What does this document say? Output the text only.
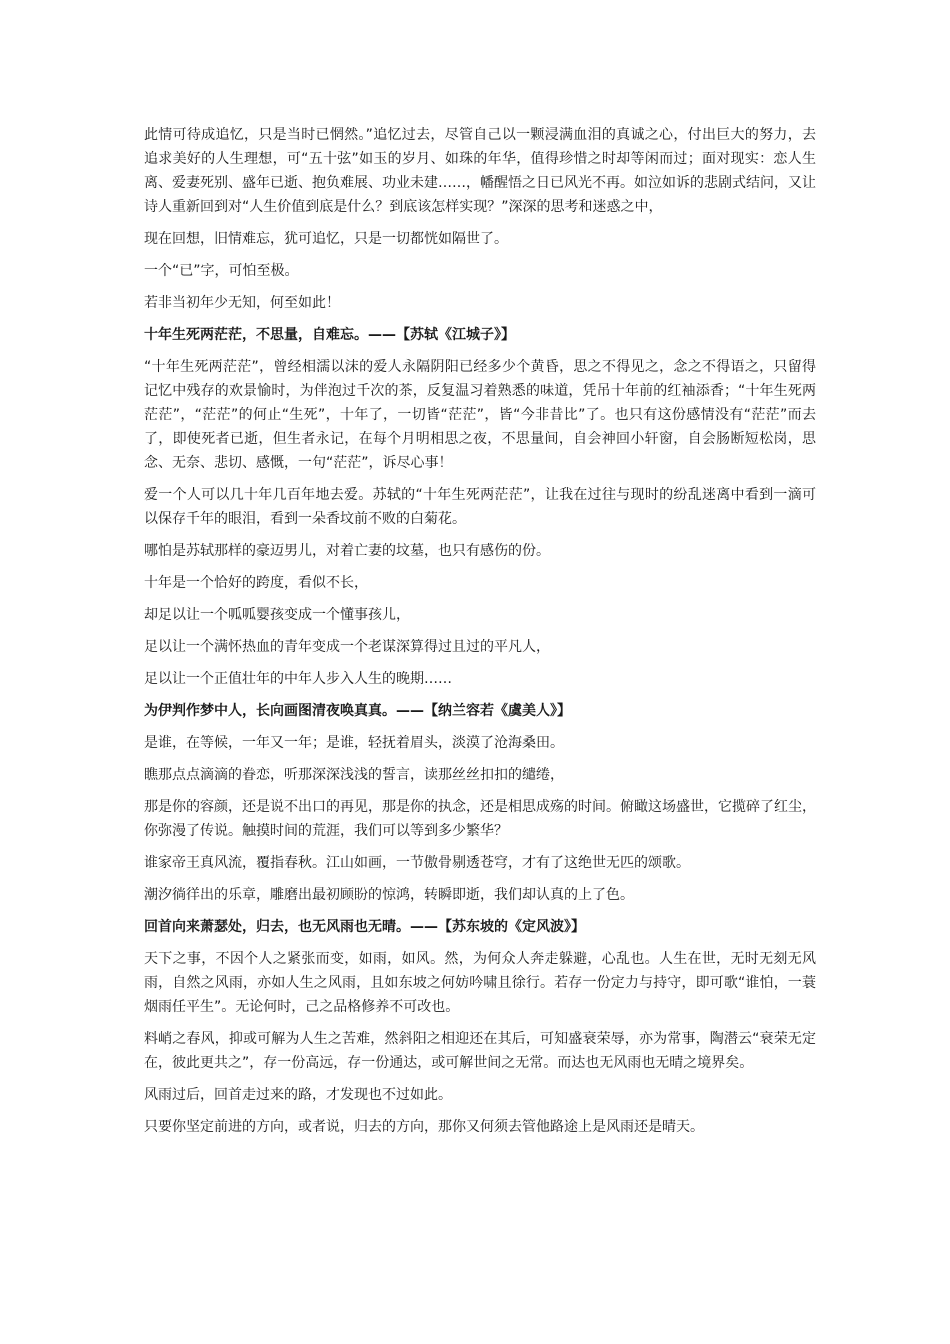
此情可待成追忆，只是当时已惘然。”追忆过去，尽管自己以一颗浸满血泪的真诚之心，付出巨大的努力，去追求美好的人生理想，可“五十弦”如玉的岁月、如珠的年华，值得珍惜之时却等闲而过；面对现实：恋人生离、爱妻死别、盛年已逝、抱负难展、功业未建……，幡醒悟之日已风光不再。如泣如诉的悲剧式结问，又让诗人重新回到对“人生价值到底是什么？到底该怎样实现？”深深的思考和迷惑之中，

现在回想，旧情难忘，犹可追忆，只是一切都恍如隔世了。

一个“已”字，可怕至极。

若非当初年少无知，何至如此！

十年生死两茫茫，不思量，自难忘。——【苏轼《江城子》】

“十年生死两茫茫”，曾经相濡以沫的爱人永隔阴阳已经多少个黄昏，思之不得见之，念之不得语之，只留得记忆中残存的欢景愉时，为伴泡过千次的茶，反复温习着熟悉的味道，凭吊十年前的红袖添香；“十年生死两茫茫”，“茫茫”的何止“生死”，十年了，一切皆“茫茫”，皆“今非昔比”了。也只有这份感情没有“茫茫”而去了，即使死者已逝，但生者永记，在每个月明相思之夜，不思量间，自会神回小轩窗，自会肠断短松岗，思念、无奈、悲切、感慨，一句“茫茫”，诉尽心事！

爱一个人可以几十年几百年地去爱。苏轼的“十年生死两茫茫”，让我在过往与现时的纷乱迷离中看到一滴可以保存千年的眼泪，看到一朵香坟前不败的白菊花。

哪怕是苏轼那样的豪迈男儿，对着亡妻的坟墓，也只有感伤的份。

十年是一个恰好的跨度，看似不长，

却足以让一个呱呱婴孩变成一个懂事孩儿，

足以让一个满怀热血的青年变成一个老谋深算得过且过的平凡人，

足以让一个正值壮年的中年人步入人生的晚期……

为伊判作梦中人，长向画图清夜唤真真。——【纳兰容若《虞美人》】

是谁，在等候，一年又一年；是谁，轻抚着眉头，淡漠了沧海桑田。

瞧那点点滴滴的眷恋，听那深深浅浅的誓言，读那丝丝扣扣的缱绻，

那是你的容颜，还是说不出口的再见，那是你的执念，还是相思成殇的时间。俯瞰这场盛世，它揽碎了红尘，你弥漫了传说。触摸时间的荒涯，我们可以等到多少繁华？

谁家帝王真风流，覆指春秋。江山如画，一节傲骨剔透苍穹，才有了这绝世无匹的颂歌。

潮汐徜徉出的乐章，雕磨出最初顾盼的惊鸿，转瞬即逝，我们却认真的上了色。

回首向来萧瑟处，归去，也无风雨也无晴。——【苏东坡的《定风波》】

天下之事，不因个人之紧张而变，如雨，如风。然，为何众人奔走躲避，心乱也。人生在世，无时无刻无风雨，自然之风雨，亦如人生之风雨，且如东坡之何妨吟啸且徐行。若存一份定力与持守，即可歌“谁怕，一蓑烟雨任平生”。无论何时，己之品格修养不可改也。

料峭之春风，抑或可解为人生之苦难，然斜阳之相迎还在其后，可知盛衰荣辱，亦为常事，陶潜云“衰荣无定在，彼此更共之”，存一份高远，存一份通达，或可解世间之无常。而达也无风雨也无晴之境界矣。

风雨过后，回首走过来的路，才发现也不过如此。

只要你坚定前进的方向，或者说，归去的方向，那你又何须去管他路途上是风雨还是晴天。
